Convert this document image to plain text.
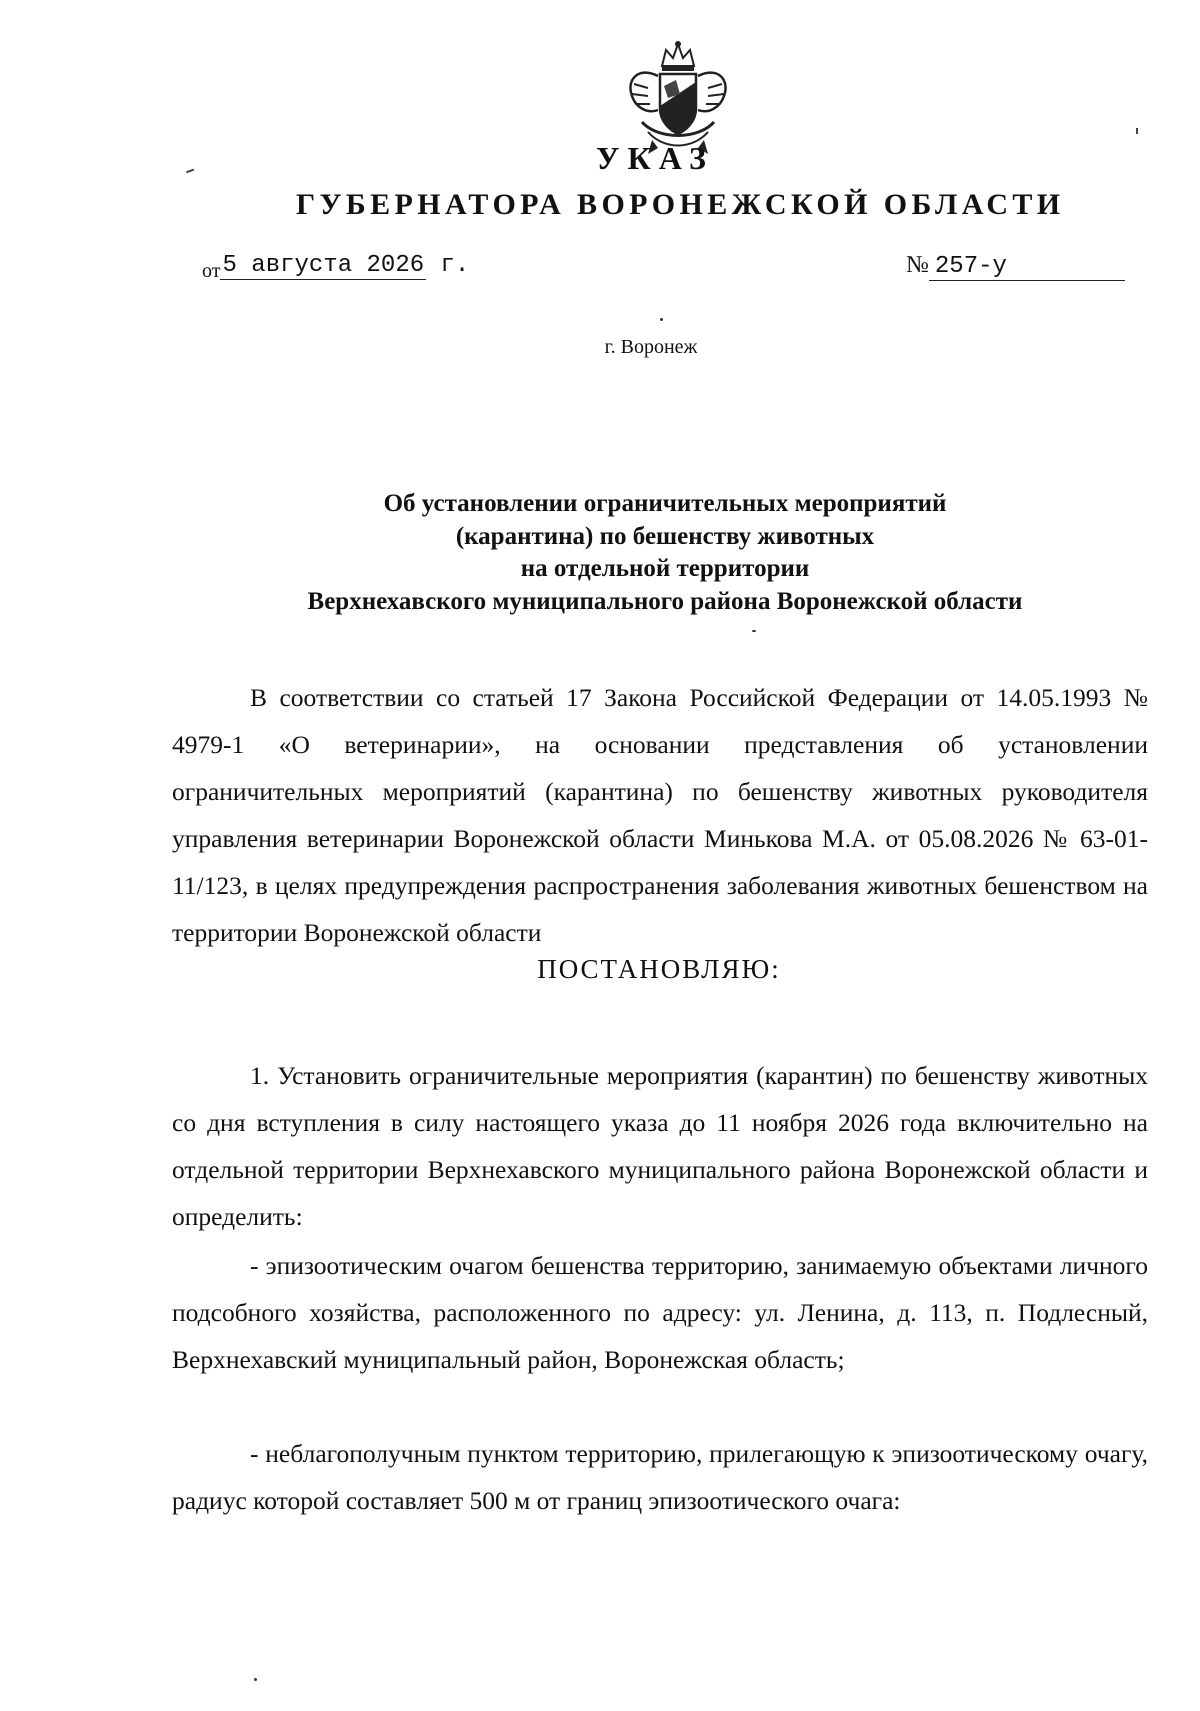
УКАЗ
ГУБЕРНАТОРА ВОРОНЕЖСКОЙ ОБЛАСТИ
от5 августа 2026 г.	№ 257-у
г. Воронеж
Об установлении ограничительных мероприятий
(карантина) по бешенству животных
на отдельной территории
Верхнехавского муниципального района Воронежской области
В соответствии со статьей 17 Закона Российской Федерации от 14.05.1993 № 4979-1 «О ветеринарии», на основании представления об установлении ограничительных мероприятий (карантина) по бешенству животных руководителя управления ветеринарии Воронежской области Минькова М.А. от 05.08.2026 № 63-01-11/123, в целях предупреждения распространения заболевания животных бешенством на территории Воронежской области
ПОСТАНОВЛЯЮ:
1. Установить ограничительные мероприятия (карантин) по бешенству животных со дня вступления в силу настоящего указа до 11 ноября 2026 года включительно на отдельной территории Верхнехавского муниципального района Воронежской области и определить:
- эпизоотическим очагом бешенства территорию, занимаемую объектами личного подсобного хозяйства, расположенного по адресу: ул. Ленина, д. 113, п. Подлесный, Верхнехавский муниципальный район, Воронежская область;
- неблагополучным пунктом территорию, прилегающую к эпизоотическому очагу, радиус которой составляет 500 м от границ эпизоотического очага:
